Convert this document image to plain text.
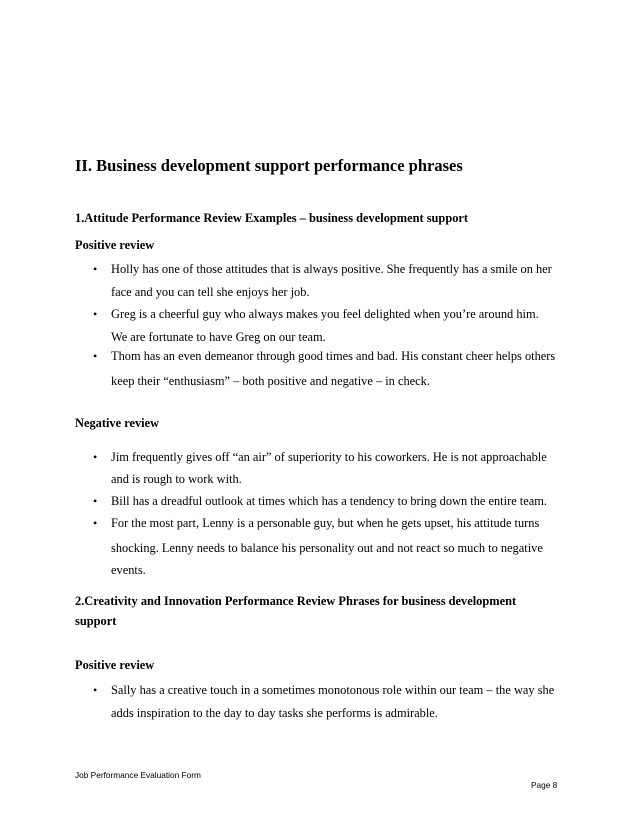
II. Business development support performance phrases
1.Attitude Performance Review Examples – business development support
Positive review
• Holly has one of those attitudes that is always positive. She frequently has a smile on her
face and you can tell she enjoys her job.
• Greg is a cheerful guy who always makes you feel delighted when you’re around him.
We are fortunate to have Greg on our team.
• Thom has an even demeanor through good times and bad. His constant cheer helps others
keep their “enthusiasm” – both positive and negative – in check.
Negative review
• Jim frequently gives off “an air” of superiority to his coworkers. He is not approachable
and is rough to work with.
• Bill has a dreadful outlook at times which has a tendency to bring down the entire team.
• For the most part, Lenny is a personable guy, but when he gets upset, his attitude turns
shocking. Lenny needs to balance his personality out and not react so much to negative
events.
2.Creativity and Innovation Performance Review Phrases for business development
support
Positive review
• Sally has a creative touch in a sometimes monotonous role within our team – the way she
adds inspiration to the day to day tasks she performs is admirable.
Job Performance Evaluation Form
Page 8
